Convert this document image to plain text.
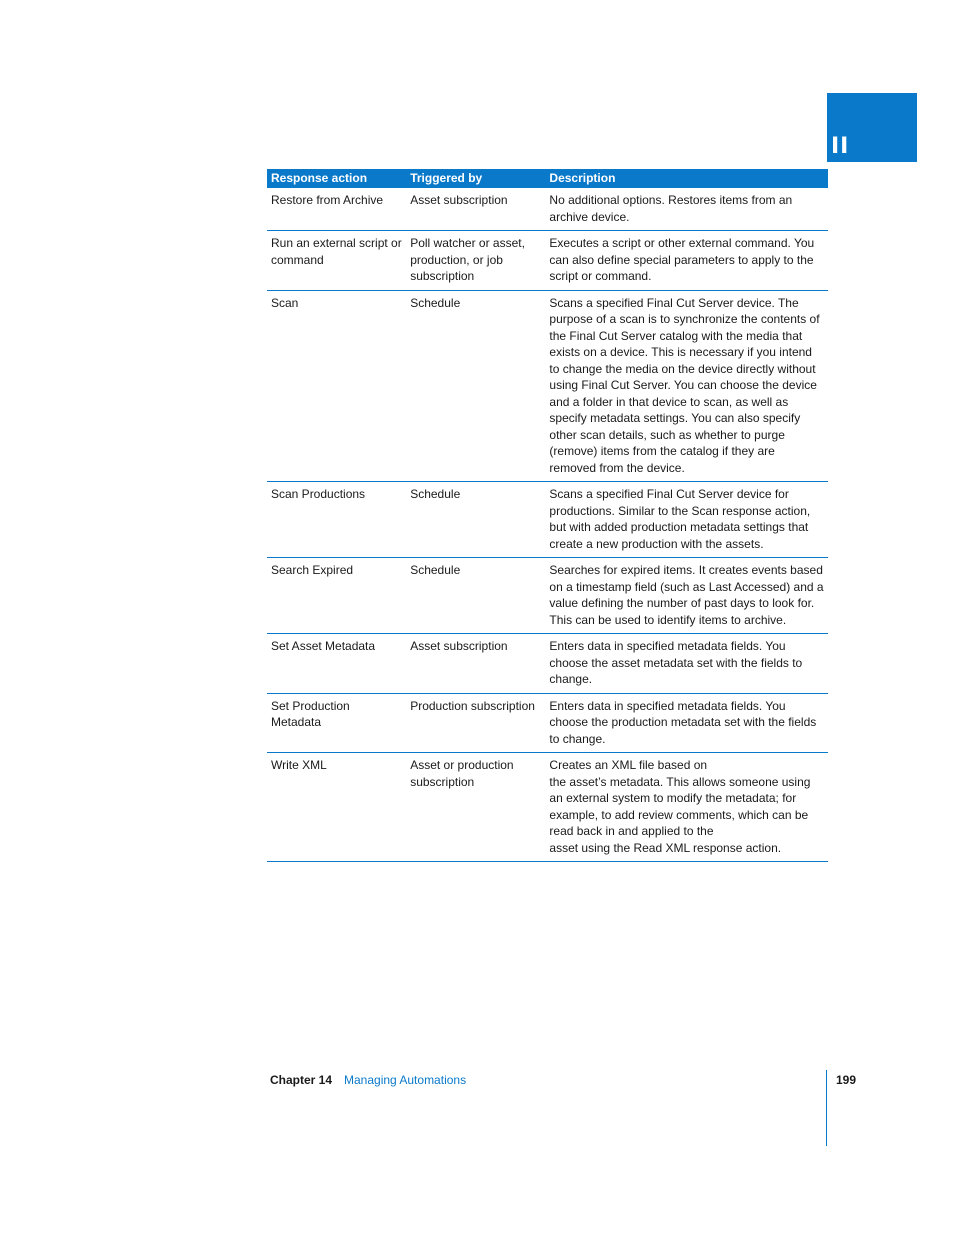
II
Response action	Triggered by	Description
Restore from Archive	Asset subscription	No additional options. Restores items from an archive device.
Run an external script or command	Poll watcher or asset, production, or job subscription	Executes a script or other external command. You can also define special parameters to apply to the script or command.
Scan	Schedule	Scans a specified Final Cut Server device. The purpose of a scan is to synchronize the contents of the Final Cut Server catalog with the media that exists on a device. This is necessary if you intend to change the media on the device directly without using Final Cut Server. You can choose the device and a folder in that device to scan, as well as specify metadata settings. You can also specify other scan details, such as whether to purge (remove) items from the catalog if they are removed from the device.
Scan Productions	Schedule	Scans a specified Final Cut Server device for productions. Similar to the Scan response action, but with added production metadata settings that create a new production with the assets.
Search Expired	Schedule	Searches for expired items. It creates events based on a timestamp field (such as Last Accessed) and a value defining the number of past days to look for. This can be used to identify items to archive.
Set Asset Metadata	Asset subscription	Enters data in specified metadata fields. You choose the asset metadata set with the fields to change.
Set Production Metadata	Production subscription	Enters data in specified metadata fields. You choose the production metadata set with the fields to change.
Write XML	Asset or production subscription	Creates an XML file based on
the asset’s metadata. This allows someone using an external system to modify the metadata; for example, to add review comments, which can be read back in and applied to the
asset using the Read XML response action.
Chapter 14 Managing Automations	199
